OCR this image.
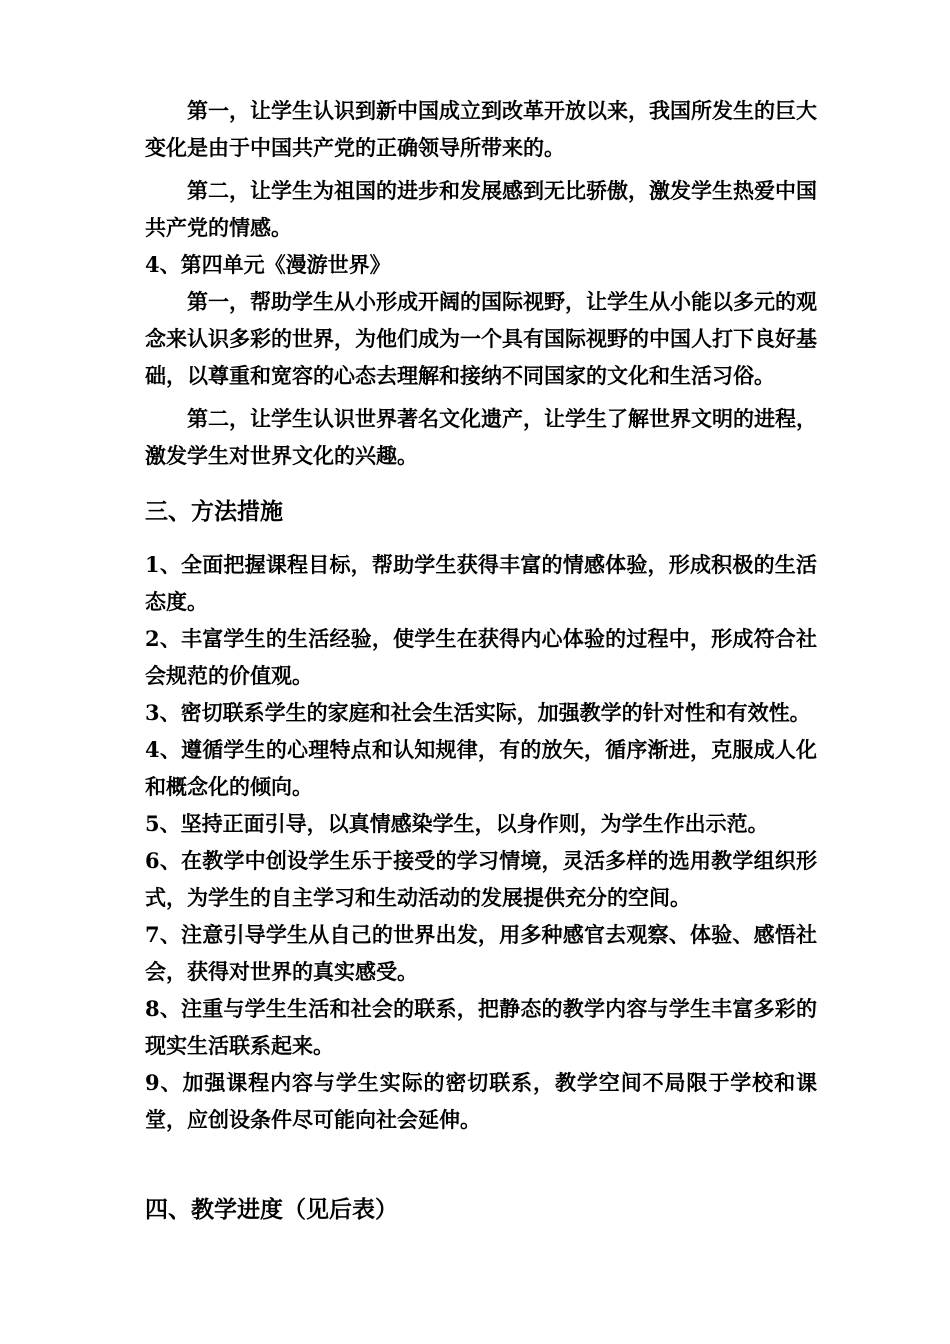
第一，让学生认识到新中国成立到改革开放以来，我国所发生的巨大变化是由于中国共产党的正确领导所带来的。

第二，让学生为祖国的进步和发展感到无比骄傲，激发学生热爱中国共产党的情感。

4、第四单元《漫游世界》

第一，帮助学生从小形成开阔的国际视野，让学生从小能以多元的观念来认识多彩的世界，为他们成为一个具有国际视野的中国人打下良好基础，以尊重和宽容的心态去理解和接纳不同国家的文化和生活习俗。

第二，让学生认识世界著名文化遗产，让学生了解世界文明的进程，激发学生对世界文化的兴趣。

三、方法措施

1、全面把握课程目标，帮助学生获得丰富的情感体验，形成积极的生活态度。

2、丰富学生的生活经验，使学生在获得内心体验的过程中，形成符合社会规范的价值观。

3、密切联系学生的家庭和社会生活实际，加强教学的针对性和有效性。

4、遵循学生的心理特点和认知规律，有的放矢，循序渐进，克服成人化和概念化的倾向。

5、坚持正面引导，以真情感染学生，以身作则，为学生作出示范。

6、在教学中创设学生乐于接受的学习情境，灵活多样的选用教学组织形式，为学生的自主学习和生动活动的发展提供充分的空间。

7、注意引导学生从自己的世界出发，用多种感官去观察、体验、感悟社会，获得对世界的真实感受。

8、注重与学生生活和社会的联系，把静态的教学内容与学生丰富多彩的现实生活联系起来。

9、加强课程内容与学生实际的密切联系，教学空间不局限于学校和课堂，应创设条件尽可能向社会延伸。

四、教学进度（见后表）
